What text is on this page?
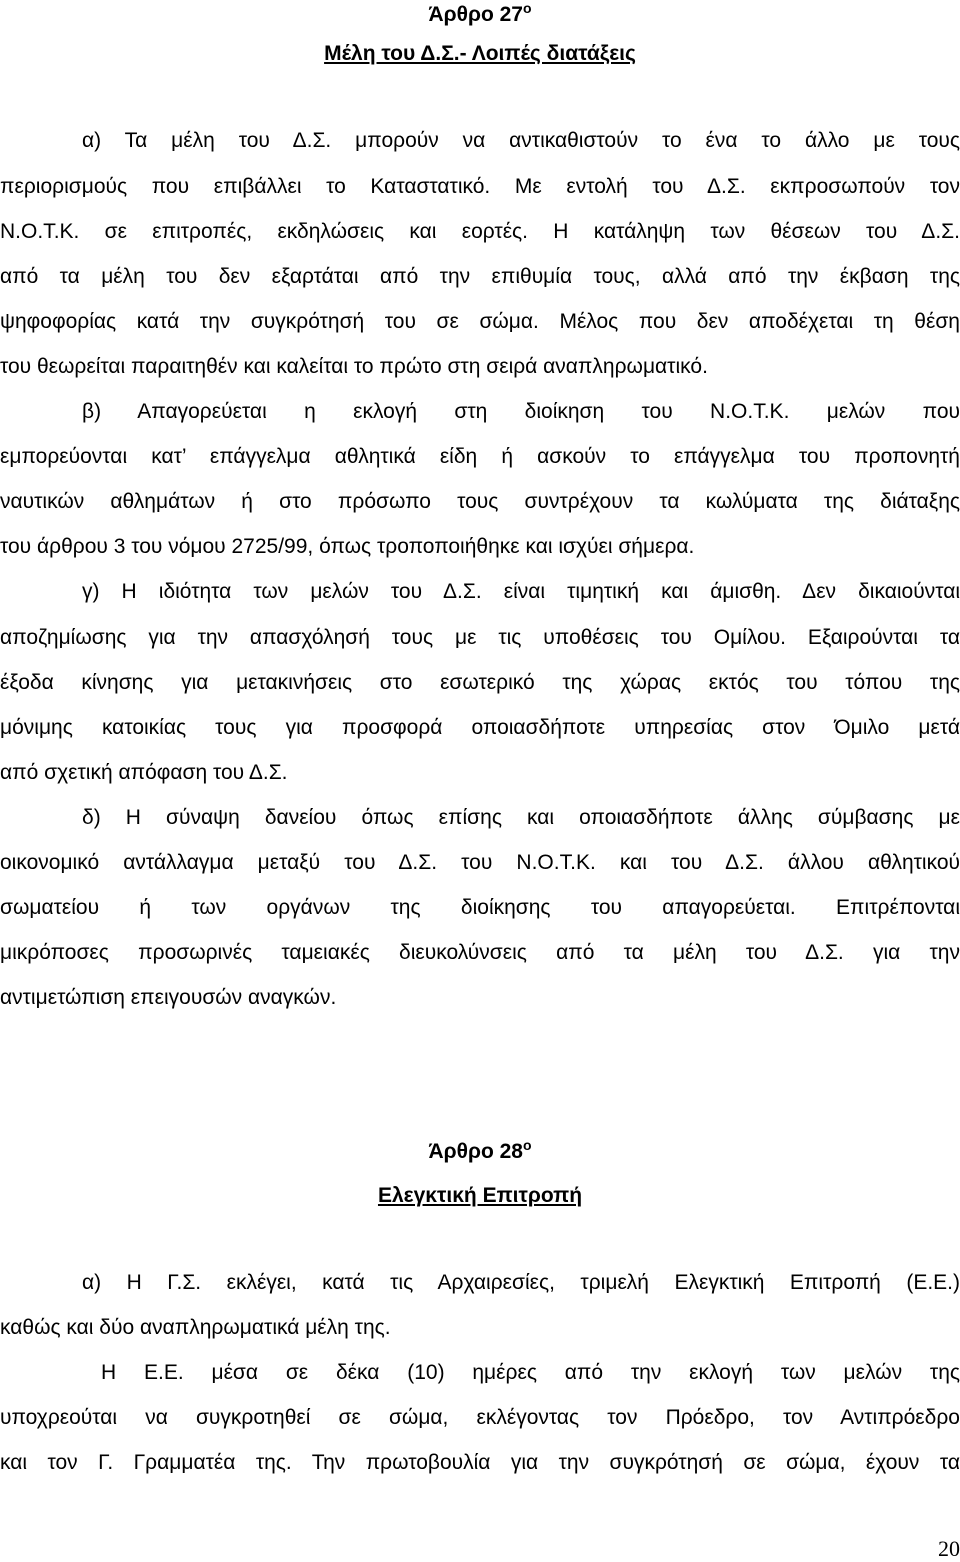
Άρθρο $27^o$
Μέλη του Δ.Σ.- Λοιπές διατάξεις
α) Τα μέλη του Δ.Σ. μπορούν να αντικαθιστούν το ένα το άλλο με τους
περιορισμούς που επιβάλλει το Καταστατικό. Με εντολή του Δ.Σ. εκπροσωπούν τον
Ν.Ο.Τ.Κ. σε επιτροπές, εκδηλώσεις και εορτές. Η κατάληψη των θέσεων του Δ.Σ.
από τα μέλη του δεν εξαρτάται από την επιθυμία τους, αλλά από την έκβαση της
ψηφοφορίας κατά την συγκρότησή του σε σώμα. Μέλος που δεν αποδέχεται τη θέση
του θεωρείται παραιτηθέν και καλείται το πρώτο στη σειρά αναπληρωματικό.
β) Απαγορεύεται η εκλογή στη διοίκηση του Ν.Ο.Τ.Κ. μελών που
εμπορεύονται κατ’ επάγγελμα αθλητικά είδη ή ασκούν το επάγγελμα του προπονητή
ναυτικών αθλημάτων ή στο πρόσωπο τους συντρέχουν τα κωλύματα της διάταξης
του άρθρου 3 του νόμου 2725/99, όπως τροποποιήθηκε και ισχύει σήμερα.
γ) Η ιδιότητα των μελών του Δ.Σ. είναι τιμητική και άμισθη. Δεν δικαιούνται
αποζημίωσης για την απασχόλησή τους με τις υποθέσεις του Ομίλου. Εξαιρούνται τα
έξοδα κίνησης για μετακινήσεις στο εσωτερικό της χώρας εκτός του τόπου της
μόνιμης κατοικίας τους για προσφορά οποιασδήποτε υπηρεσίας στον Όμιλο μετά
από σχετική απόφαση του Δ.Σ.
δ) Η σύναψη δανείου όπως επίσης και οποιασδήποτε άλλης σύμβασης με
οικονομικό αντάλλαγμα μεταξύ του Δ.Σ. του Ν.Ο.Τ.Κ. και του Δ.Σ. άλλου αθλητικού
σωματείου ή των οργάνων της διοίκησης του απαγορεύεται. Επιτρέπονται
μικρόποσες προσωρινές ταμειακές διευκολύνσεις από τα μέλη του Δ.Σ. για την
αντιμετώπιση επειγουσών αναγκών.
Άρθρο $28^o$
Ελεγκτική Επιτροπή
α) Η Γ.Σ. εκλέγει, κατά τις Αρχαιρεσίες, τριμελή Ελεγκτική Επιτροπή (Ε.Ε.)
καθώς και δύο αναπληρωματικά μέλη της.
Η Ε.Ε. μέσα σε δέκα (10) ημέρες από την εκλογή των μελών της
υποχρεούται να συγκροτηθεί σε σώμα, εκλέγοντας τον Πρόεδρο, τον Αντιπρόεδρο
και τον Γ. Γραμματέα της. Την πρωτοβουλία για την συγκρότησή σε σώμα, έχουν τα
20
